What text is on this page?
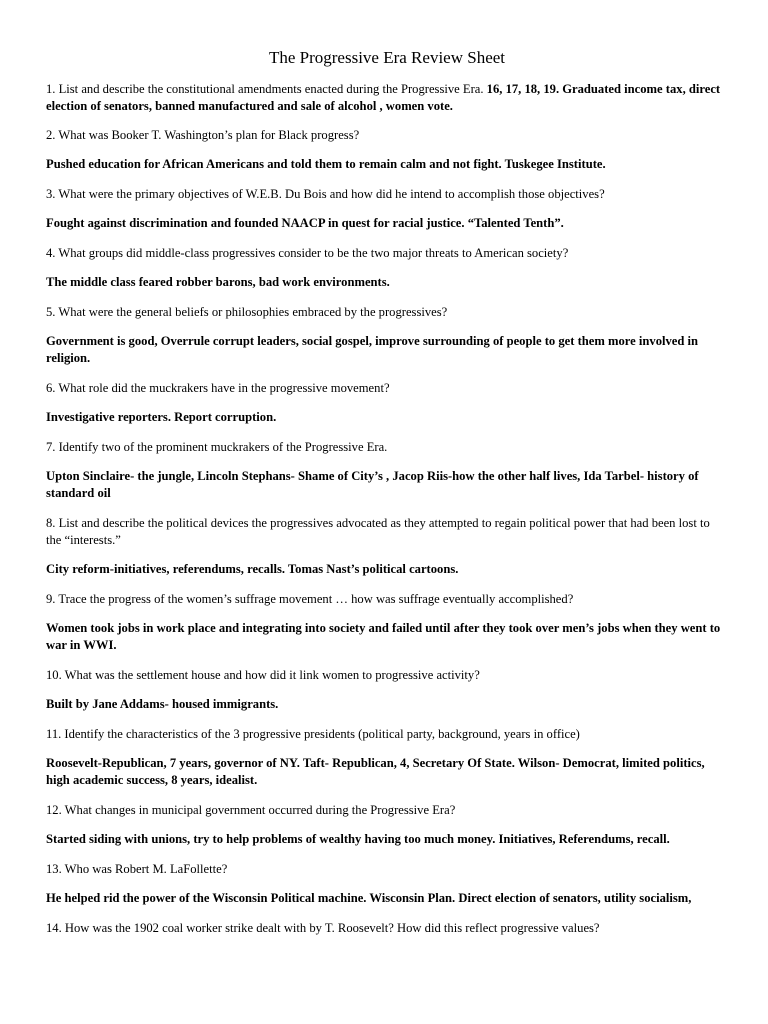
The Progressive Era Review Sheet

1. List and describe the constitutional amendments enacted during the Progressive Era. 16, 17, 18, 19. Graduated income tax, direct election of senators, banned manufactured and sale of alcohol , women vote.

2. What was Booker T. Washington’s plan for Black progress?

Pushed education for African Americans and told them to remain calm and not fight. Tuskegee Institute.

3. What were the primary objectives of W.E.B. Du Bois and how did he intend to accomplish those objectives?

Fought against discrimination and founded NAACP in quest for racial justice. “Talented Tenth”.

4. What groups did middle-class progressives consider to be the two major threats to American society?

The middle class feared robber barons, bad work environments.

5. What were the general beliefs or philosophies embraced by the progressives?

Government is good, Overrule corrupt leaders, social gospel, improve surrounding of people to get them more involved in religion.

6. What role did the muckrakers have in the progressive movement?

Investigative reporters. Report corruption.

7. Identify two of the prominent muckrakers of the Progressive Era.

Upton Sinclaire- the jungle, Lincoln Stephans- Shame of City’s , Jacop Riis-how the other half lives, Ida Tarbel- history of standard oil

8. List and describe the political devices the progressives advocated as they attempted to regain political power that had been lost to the “interests.”

City reform-initiatives, referendums, recalls. Tomas Nast’s political cartoons.

9. Trace the progress of the women’s suffrage movement … how was suffrage eventually accomplished?

Women took jobs in work place and integrating into society and failed until after they took over men’s jobs when they went to war in WWI.

10. What was the settlement house and how did it link women to progressive activity?

Built by Jane Addams- housed immigrants.

11. Identify the characteristics of the 3 progressive presidents (political party, background, years in office)

Roosevelt-Republican, 7 years, governor of NY. Taft- Republican, 4, Secretary Of State. Wilson- Democrat, limited politics, high academic success, 8 years, idealist.

12. What changes in municipal government occurred during the Progressive Era?

Started siding with unions, try to help problems of wealthy having too much money. Initiatives, Referendums, recall.

13. Who was Robert M. LaFollette?

He helped rid the power of the Wisconsin Political machine. Wisconsin Plan. Direct election of senators, utility socialism,

14. How was the 1902 coal worker strike dealt with by T. Roosevelt? How did this reflect progressive values?
